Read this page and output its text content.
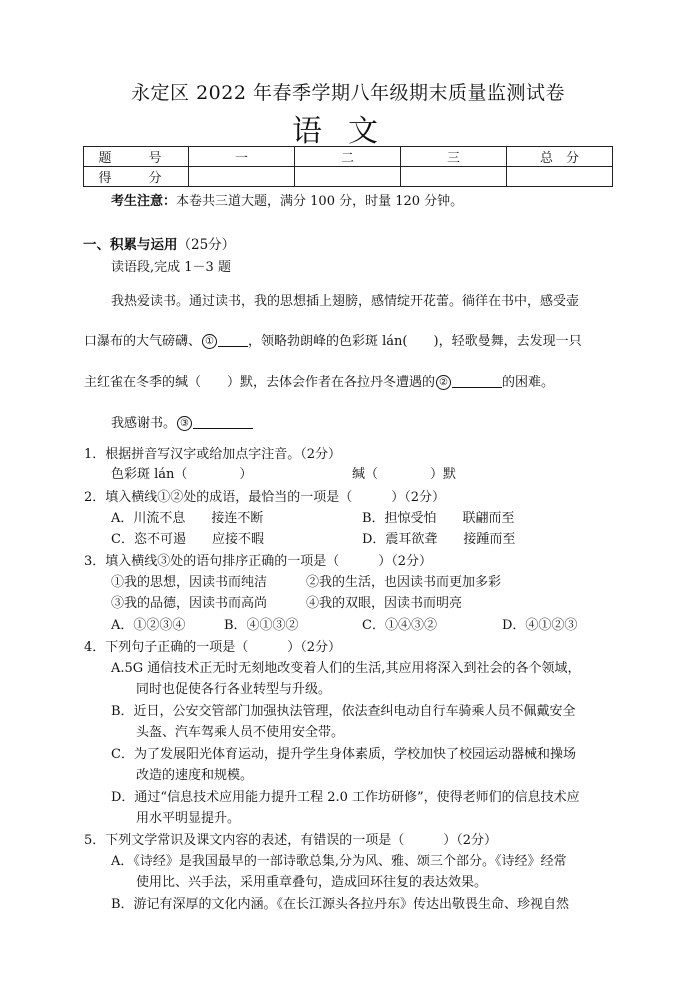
永定区 2022 年春季学期八年级期末质量监测试卷
语文
题　号	一	二	三	总　分
得　分				
考生注意：本卷共三道大题，满分 100 分，时量 120 分钟。
一、积累与运用（25分）
读语段,完成 1－3 题
我热爱读书。通过读书，我的思想插上翅膀，感情绽开花蕾。徜徉在书中，感受壶
口瀑布的大气磅礴、 ①	，领略勃朗峰的色彩斑 lán(　　)，轻歌曼舞，去发现一只
主红雀在冬季的缄（　　）默，去体会作者在各拉丹冬遭遇的 ②	的困难。
我感谢书。 ③
1．根据拼音写汉字或给加点字注音。（2分）
色彩斑 lán（　　　　）	缄（　　　　）默
2．填入横线①②处的成语，最恰当的一项是（　　　）（2分）
A．川流不息　　接连不断	B．担惊受怕　　联翩而至
C．恣不可遏　　应接不暇	D．震耳欲聋　　接踵而至
3．填入横线③处的语句排序正确的一项是（　　　）（2分）
①我的思想，因读书而纯洁	②我的生活，也因读书而更加多彩
③我的品德，因读书而高尚	④我的双眼，因读书而明亮
A．①②③④	B．④①③②	C．①④③②	D．④①②③
4．下列句子正确的一项是（　　　）（2分）
A.5G 通信技术正无时无刻地改变着人们的生活,其应用将深入到社会的各个领域，
同时也促使各行各业转型与升级。
B．近日，公安交管部门加强执法管理，依法查纠电动自行车骑乘人员不佩戴安全
头盔、汽车驾乘人员不使用安全带。
C．为了发展阳光体育运动，提升学生身体素质，学校加快了校园运动器械和操场
改造的速度和规模。
D．通过“信息技术应用能力提升工程 2.0 工作坊研修”，使得老师们的信息技术应
用水平明显提升。
5．下列文学常识及课文内容的表述，有错误的一项是（　　　）（2分）
A．《诗经》是我国最早的一部诗歌总集,分为风、雅、颂三个部分。《诗经》经常
使用比、兴手法，采用重章叠句，造成回环往复的表达效果。
B．游记有深厚的文化内涵。《在长江源头各拉丹东》传达出敬畏生命、珍视自然
